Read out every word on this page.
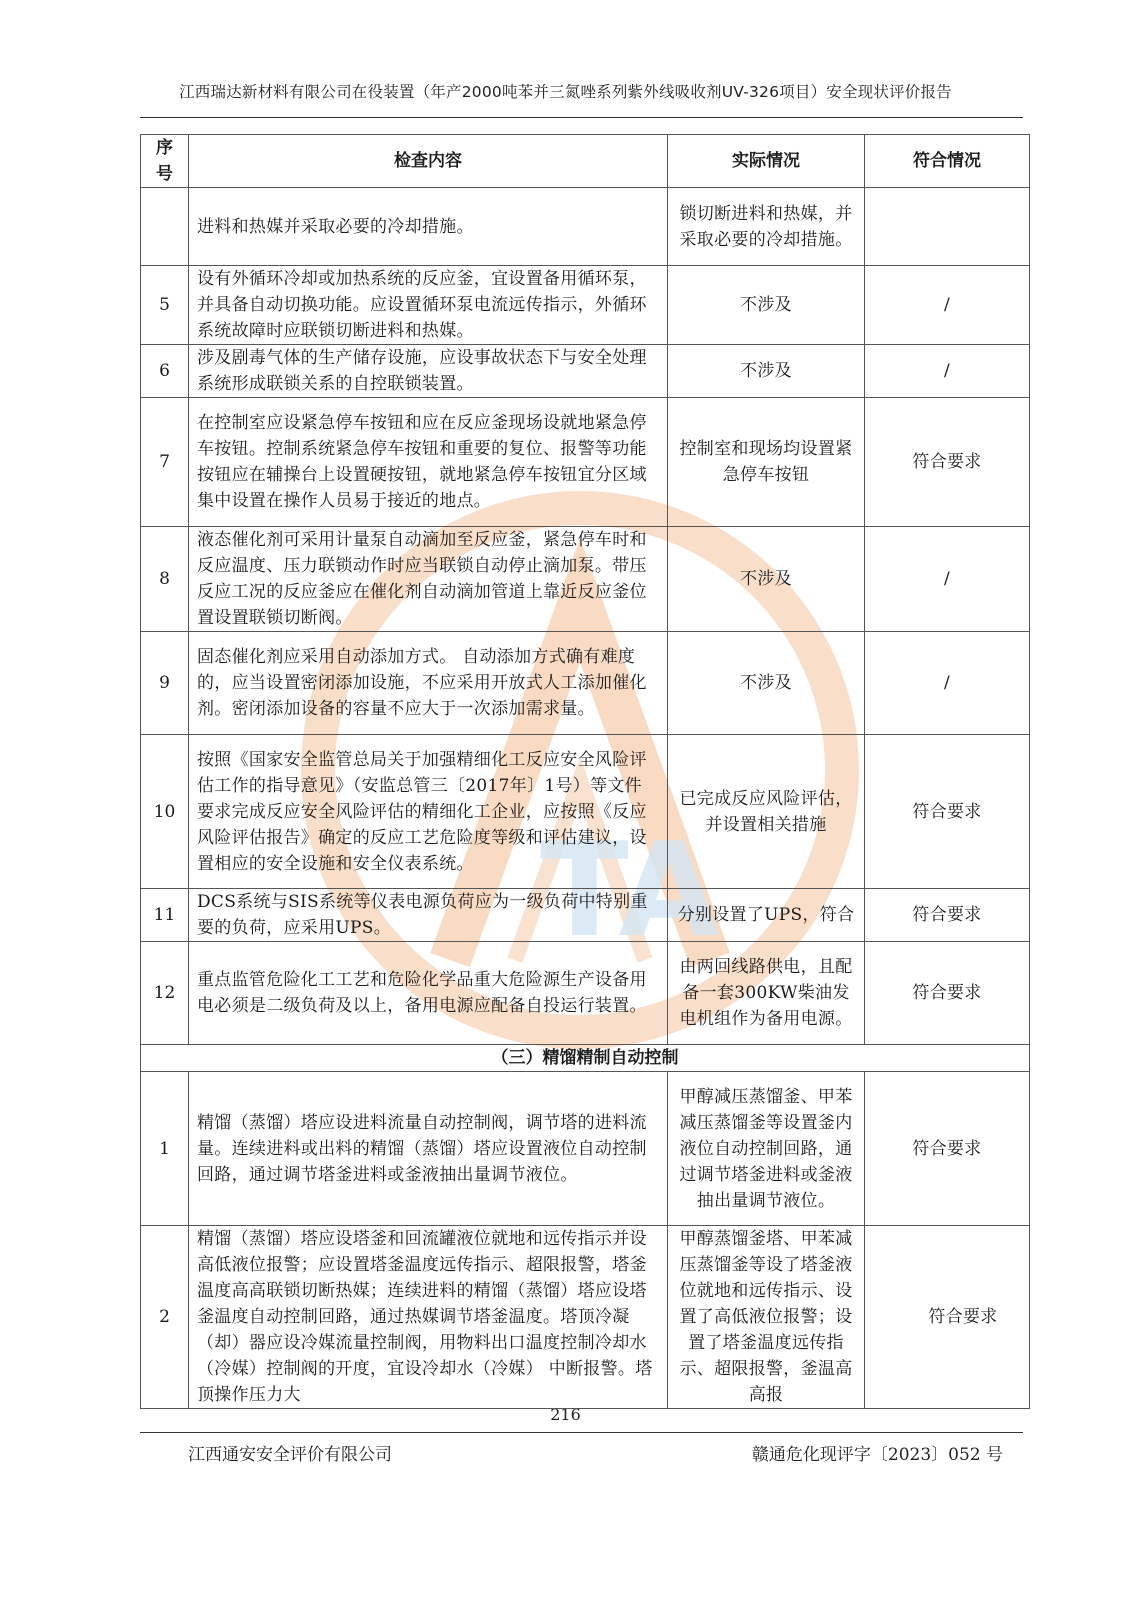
TA
江西瑞达新材料有限公司在役装置（年产2000吨苯并三氮唑系列紫外线吸收剂UV-326项目）安全现状评价报告
序号	检查内容	实际情况	符合情况
	进料和热媒并采取必要的冷却措施。	锁切断进料和热媒，并采取必要的冷却措施。	
5	设有外循环冷却或加热系统的反应釜，宜设置备用循环泵，并具备自动切换功能。应设置循环泵电流远传指示，外循环系统故障时应联锁切断进料和热媒。	不涉及	/
6	涉及剧毒气体的生产储存设施，应设事故状态下与安全处理系统形成联锁关系的自控联锁装置。	不涉及	/
7	在控制室应设紧急停车按钮和应在反应釜现场设就地紧急停车按钮。控制系统紧急停车按钮和重要的复位、报警等功能按钮应在辅操台上设置硬按钮，就地紧急停车按钮宜分区域集中设置在操作人员易于接近的地点。	控制室和现场均设置紧急停车按钮	符合要求
8	液态催化剂可采用计量泵自动滴加至反应釜，紧急停车时和反应温度、压力联锁动作时应当联锁自动停止滴加泵。带压反应工况的反应釜应在催化剂自动滴加管道上靠近反应釜位置设置联锁切断阀。	不涉及	/
9	固态催化剂应采用自动添加方式。 自动添加方式确有难度的，应当设置密闭添加设施，不应采用开放式人工添加催化剂。密闭添加设备的容量不应大于一次添加需求量。	不涉及	/
10	按照《国家安全监管总局关于加强精细化工反应安全风险评估工作的指导意见》（安监总管三〔2017年〕1号）等文件要求完成反应安全风险评估的精细化工企业，应按照《反应风险评估报告》确定的反应工艺危险度等级和评估建议，设置相应的安全设施和安全仪表系统。	已完成反应风险评估，并设置相关措施	符合要求
11	DCS系统与SIS系统等仪表电源负荷应为一级负荷中特别重要的负荷，应采用UPS。	分别设置了UPS，符合	符合要求
12	重点监管危险化工工艺和危险化学品重大危险源生产设备用电必须是二级负荷及以上，备用电源应配备自投运行装置。	由两回线路供电，且配备一套300KW柴油发电机组作为备用电源。	符合要求
（三）精馏精制自动控制			
1	精馏（蒸馏）塔应设进料流量自动控制阀，调节塔的进料流量。连续进料或出料的精馏（蒸馏）塔应设置液位自动控制回路，通过调节塔釜进料或釜液抽出量调节液位。	甲醇减压蒸馏釜、甲苯减压蒸馏釜等设置釜内液位自动控制回路，通过调节塔釜进料或釜液抽出量调节液位。	符合要求
2	精馏（蒸馏）塔应设塔釜和回流罐液位就地和远传指示并设高低液位报警；应设置塔釜温度远传指示、超限报警，塔釜温度高高联锁切断热媒；连续进料的精馏（蒸馏）塔应设塔釜温度自动控制回路，通过热媒调节塔釜温度。塔顶冷凝（却）器应设冷媒流量控制阀，用物料出口温度控制冷却水（冷媒）控制阀的开度，宜设冷却水（冷媒） 中断报警。塔顶操作压力大	甲醇蒸馏釜塔、甲苯减压蒸馏釜等设了塔釜液位就地和远传指示、设置了高低液位报警；设置了塔釜温度远传指示、超限报警，釜温高高报	符合要求
216
江西通安安全评价有限公司	赣通危化现评字〔2023〕052 号
